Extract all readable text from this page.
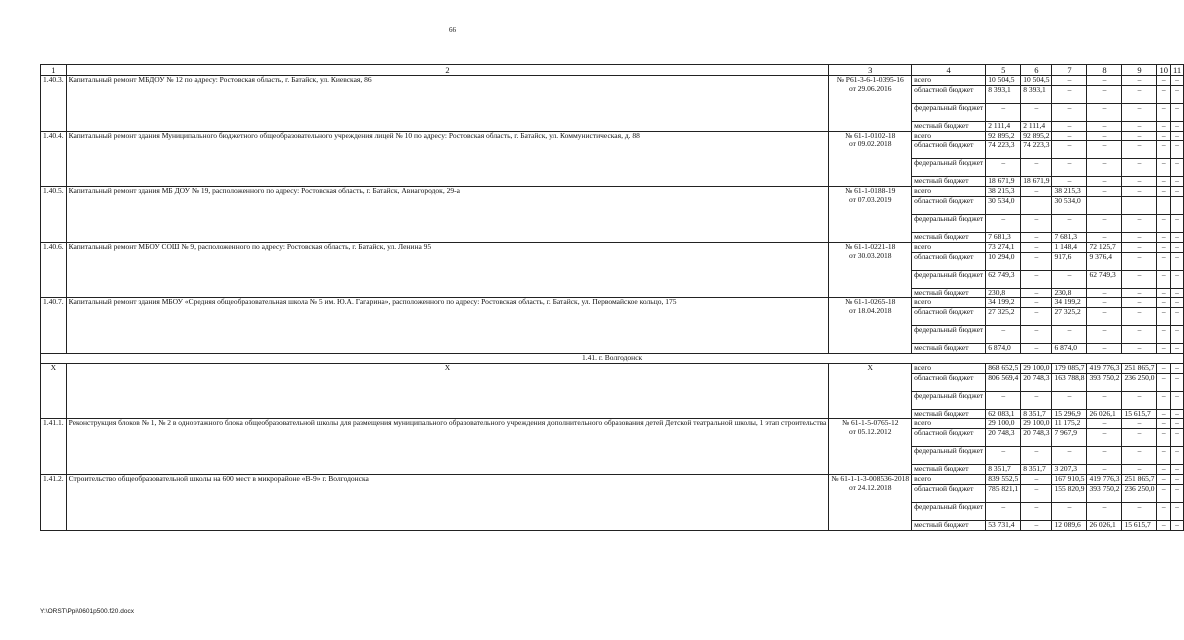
66
1	2	3	4	5	6	7	8	9	10	11
1.40.3.	Капитальный ремонт МБДОУ № 12 по адресу: Ростовская область, г. Батайск, ул. Киевская, 86	№ Р61-3-6-1-0395-16
от 29.06.2016	всего	10 504,5	10 504,5	–	–	–	–	–
			областной бюджет	8 393,1	8 393,1	–	–	–	–	–
			федеральный бюджет	–	–	–	–	–	–	–
			местный бюджет	2 111,4	2 111,4	–	–	–	–	–
1.40.4.	Капитальный ремонт здания Муниципального бюджетного общеобразовательного учреждения лицей № 10 по адресу: Ростовская область, г. Батайск, ул. Коммунистическая, д. 88	№ 61-1-0102-18
от 09.02.2018	всего	92 895,2	92 895,2	–	–	–	–	–
			областной бюджет	74 223,3	74 223,3	–	–	–	–	–
			федеральный бюджет	–	–	–	–	–	–	–
			местный бюджет	18 671,9	18 671,9	–	–	–	–	–
1.40.5.	Капитальный ремонт здания МБ ДОУ № 19, расположенного по адресу: Ростовская область, г. Батайск, Авиагородок, 29-а	№ 61-1-0188-19
от 07.03.2019	всего	38 215,3	–	38 215,3	–	–	–	–
			областной бюджет	30 534,0		30 534,0				
			федеральный бюджет	–	–	–	–	–	–	–
			местный бюджет	7 681,3	–	7 681,3	–	–	–	–
1.40.6.	Капитальный ремонт МБОУ СОШ № 9, расположенного по адресу: Ростовская область, г. Батайск, ул. Ленина 95	№ 61-1-0221-18
от 30.03.2018	всего	73 274,1	–	1 148,4	72 125,7	–	–	–
			областной бюджет	10 294,0	–	917,6	9 376,4	–	–	–
			федеральный бюджет	62 749,3	–	–	62 749,3	–	–	–
			местный бюджет	230,8	–	230,8	–	–	–	–
1.40.7.	Капитальный ремонт здания МБОУ «Средняя общеобразовательная школа № 5 им. Ю.А. Гагарина», расположенного по адресу: Ростовская область, г. Батайск, ул. Первомайское кольцо, 175	№ 61-1-0265-18
от 18.04.2018	всего	34 199,2	–	34 199,2	–	–	–	–
			областной бюджет	27 325,2	–	27 325,2	–	–	–	–
			федеральный бюджет	–	–	–	–	–	–	–
			местный бюджет	6 874,0	–	6 874,0	–	–	–	–
1.41. г. Волгодонск										
X	X	X	всего	868 652,5	29 100,0	179 085,7	419 776,3	251 865,7	–	–
			областной бюджет	806 569,4	20 748,3	163 788,8	393 750,2	236 250,0	–	–
			федеральный бюджет	–	–	–	–	–	–	–
			местный бюджет	62 083,1	8 351,7	15 296,9	26 026,1	15 615,7	–	–
1.41.1.	Реконструкция блоков № 1, № 2 в одноэтажного блока общеобразовательной школы для размещения муниципального образовательного учреждения дополнительного образования детей Детской театральной школы, 1 этап строительства	№ 61-1-5-0765-12
от 05.12.2012	всего	29 100,0	29 100,0	11 175,2	–	–	–	–
			областной бюджет	20 748,3	20 748,3	7 967,9	–	–	–	–
			федеральный бюджет	–	–	–	–	–	–	–
			местный бюджет	8 351,7	8 351,7	3 207,3	–	–	–	–
1.41.2.	Строительство общеобразовательной школы на 600 мест в микрорайоне «В-9» г. Волгодонска	№ 61-1-1-3-008536-2018
от 24.12.2018	всего	839 552,5	–	167 910,5	419 776,3	251 865,7	–	–
			областной бюджет	785 821,1	–	155 820,9	393 750,2	236 250,0	–	–
			федеральный бюджет	–	–	–	–	–	–	–
			местный бюджет	53 731,4	–	12 089,6	26 026,1	15 615,7	–	–
Y:\ORST\Ppi\0601p500.f20.docx
